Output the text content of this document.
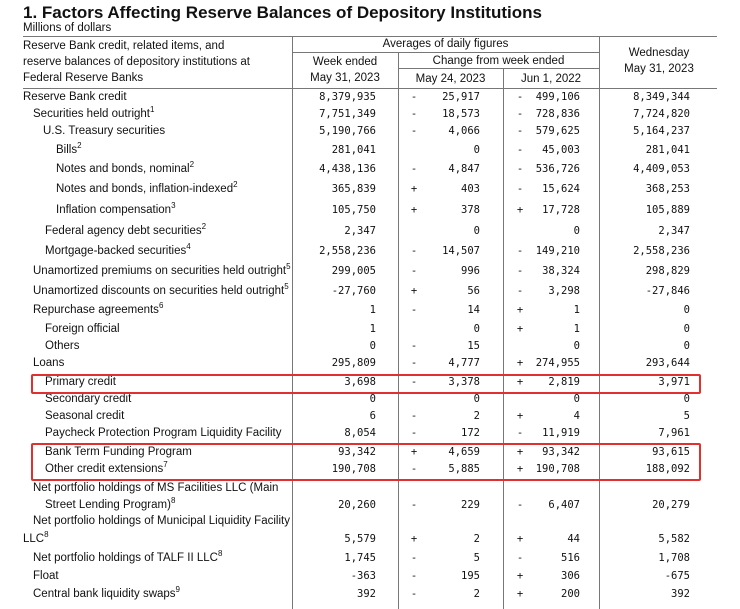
1. Factors Affecting Reserve Balances of Depository Institutions
Millions of dollars
Reserve Bank credit, related items, and
reserve balances of depository institutions at
Federal Reserve Banks
Averages of daily figures
Week ended
May 31, 2023
Change from week ended
May 24, 2023	Jun 1, 2022
Wednesday
May 31, 2023
Reserve Bank credit	8,379,935	-	25,917	-	499,106	8,349,344
Securities held outright$^1$	7,751,349	-	18,573	-	728,836	7,724,820
U.S. Treasury securities	5,190,766	-	4,066	-	579,625	5,164,237
Bills$^2$	281,041	0	-	45,003	281,041
Notes and bonds, nominal$^2$	4,438,136	-	4,847	-	536,726	4,409,053
Notes and bonds, inflation-indexed$^2$	365,839	+	403	-	15,624	368,253
Inflation compensation$^3$	105,750	+	378	+	17,728	105,889
Federal agency debt securities$^2$	2,347	0	0	2,347
Mortgage-backed securities$^4$	2,558,236	-	14,507	-	149,210	2,558,236
Unamortized premiums on securities held outright$^5$	299,005	-	996	-	38,324	298,829
Unamortized discounts on securities held outright$^5$	-27,760	+	56	-	3,298	-27,846
Repurchase agreements$^6$	1	-	14	+	1	0
Foreign official	1	0	+	1	0
Others	0	-	15	0	0
Loans	295,809	-	4,777	+	274,955	293,644
Primary credit	3,698	-	3,378	+	2,819	3,971
Secondary credit	0	0	0	0
Seasonal credit	6	-	2	+	4	5
Paycheck Protection Program Liquidity Facility	8,054	-	172	-	11,919	7,961
Bank Term Funding Program	93,342	+	4,659	+	93,342	93,615
Other credit extensions$^7$	190,708	-	5,885	+	190,708	188,092
Net portfolio holdings of MS Facilities LLC (Main
Street Lending Program)$^8$	20,260	-	229	-	6,407	20,279
Net portfolio holdings of Municipal Liquidity Facility
LLC$^8$	5,579	+	2	+	44	5,582
Net portfolio holdings of TALF II LLC$^8$	1,745	-	5	-	516	1,708
Float	-363	-	195	+	306	-675
Central bank liquidity swaps$^9$	392	-	2	+	200	392
